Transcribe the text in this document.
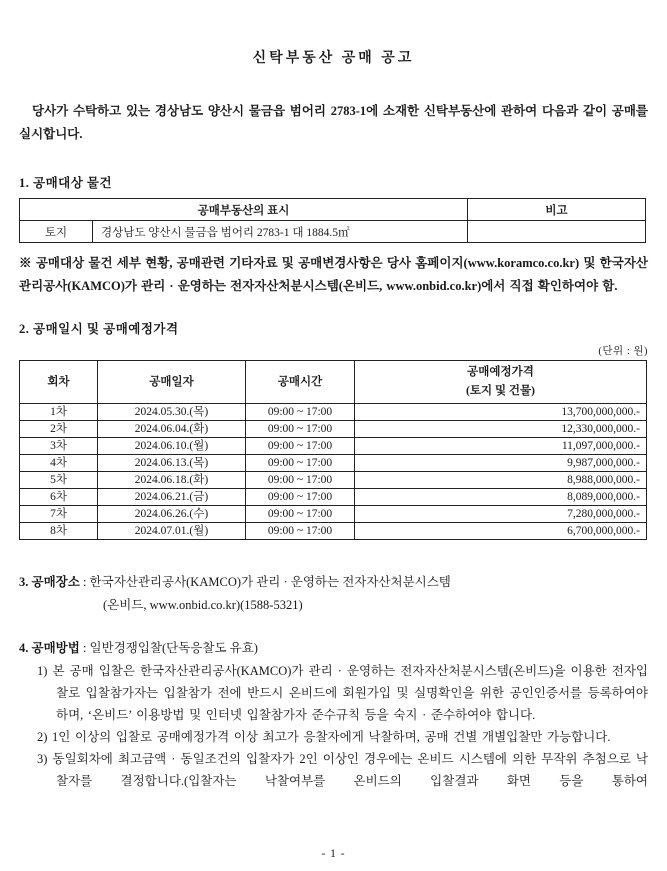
신탁부동산 공매 공고

당사가 수탁하고 있는 경상남도 양산시 물금읍 범어리 2783-1에 소재한 신탁부동산에 관하여 다음과 같이 공매를 실시합니다.

1. 공매대상 물건
공매부동산의 표시		비고
토지	경상남도 양산시 물금읍 범어리 2783-1 대 1884.5㎡	

※ 공매대상 물건 세부 현황, 공매관련 기타자료 및 공매변경사항은 당사 홈페이지(www.koramco.co.kr) 및 한국자산관리공사(KAMCO)가 관리 · 운영하는 전자자산처분시스템(온비드, www.onbid.co.kr)에서 직접 확인하여야 함.

2. 공매일시 및 공매예정가격
(단위 : 원)
회차	공매일자	공매시간	공매예정가격
(토지 및 건물)
1차	2024.05.30.(목)	09:00 ~ 17:00	13,700,000,000.-
2차	2024.06.04.(화)	09:00 ~ 17:00	12,330,000,000.-
3차	2024.06.10.(월)	09:00 ~ 17:00	11,097,000,000.-
4차	2024.06.13.(목)	09:00 ~ 17:00	9,987,000,000.-
5차	2024.06.18.(화)	09:00 ~ 17:00	8,988,000,000.-
6차	2024.06.21.(금)	09:00 ~ 17:00	8,089,000,000.-
7차	2024.06.26.(수)	09:00 ~ 17:00	7,280,000,000.-
8차	2024.07.01.(월)	09:00 ~ 17:00	6,700,000,000.-
3. 공매장소 : 한국자산관리공사(KAMCO)가 관리 · 운영하는 전자자산처분시스템
(온비드, www.onbid.co.kr)(1588-5321)
4. 공매방법 : 일반경쟁입찰(단독응찰도 유효)
1) 본 공매 입찰은 한국자산관리공사(KAMCO)가 관리 · 운영하는 전자자산처분시스템(온비드)을 이용한 전자입찰로 입찰참가자는 입찰참가 전에 반드시 온비드에 회원가입 및 실명확인을 위한 공인인증서를 등록하여야 하며, ‘온비드’ 이용방법 및 인터넷 입찰참가자 준수규칙 등을 숙지 · 준수하여야 합니다.
2) 1인 이상의 입찰로 공매예정가격 이상 최고가 응찰자에게 낙찰하며, 공매 건별 개별입찰만 가능합니다.
3) 동일회차에 최고금액 · 동일조건의 입찰자가 2인 이상인 경우에는 온비드 시스템에 의한 무작위 추첨으로 낙찰자를 결정합니다.(입찰자는 낙찰여부를 온비드의 입찰결과 화면 등을 통하여
- 1 -
